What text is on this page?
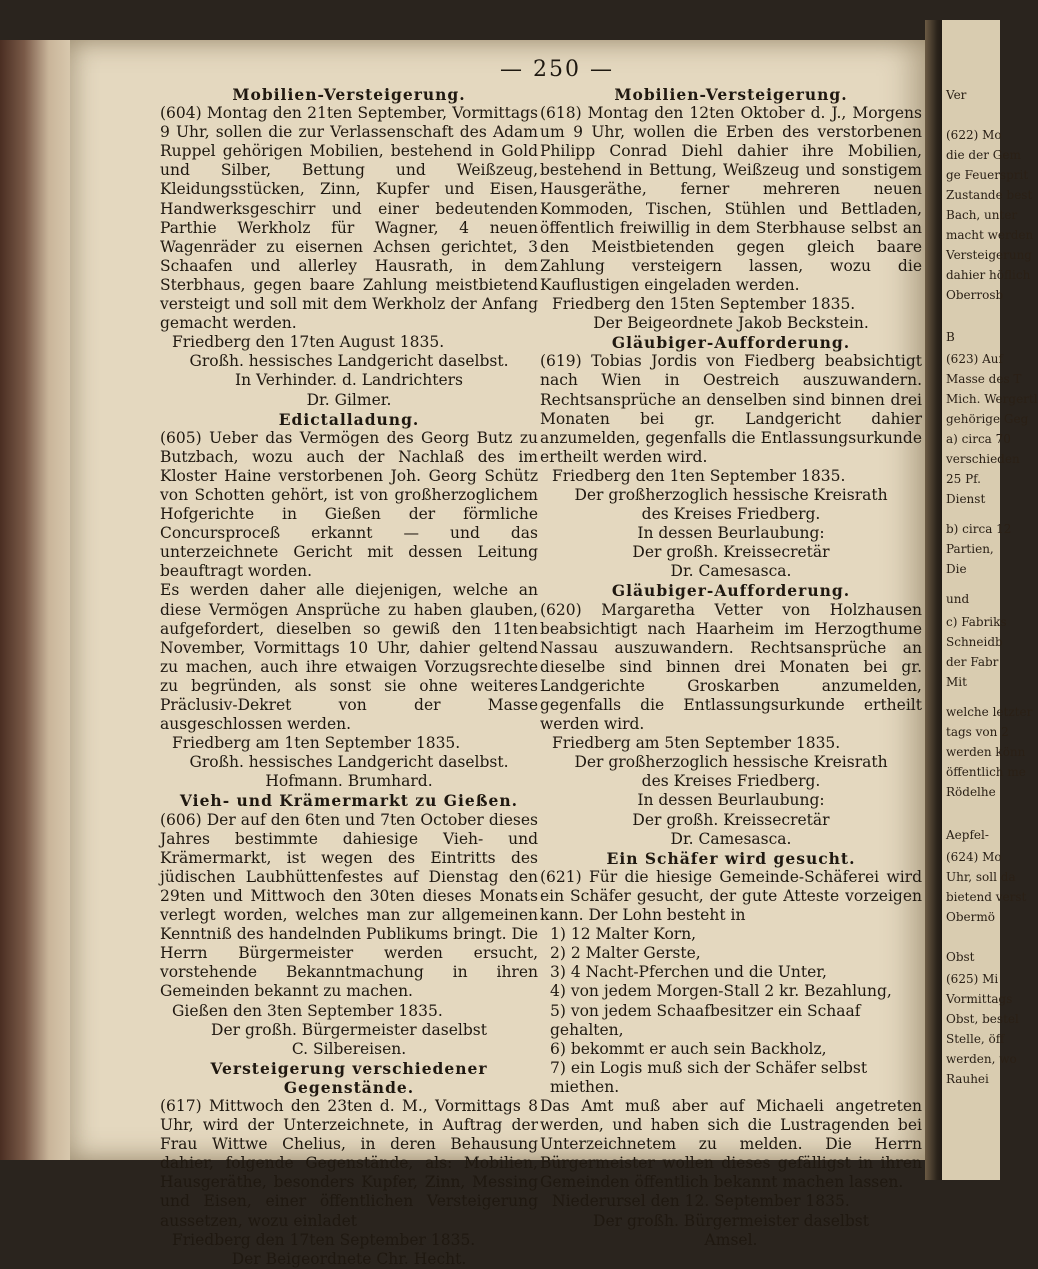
Ver
(622) Mo
die der Gem
ge Feuersprit
Zustande best
Bach, unter
macht werden
Versteigerung
dahier höflich
Oberrosb
B
(623) Auf
Masse des T
Mich. Wergertl
gehörige Geg
a) circa 70
verschieden
25 Pf.
Dienst
b) circa 12
Partien,
Die
und
c) Fabriks
Schneidb
der Fabr
Mit
welche letzter
tags von 2
werden könn
öffentlich me
Rödelhe
Aepfel-
(624) Mo
Uhr, soll da
bietend verst
Obermö
Obst
(625) Mi
Vormittags
Obst, bestel
Stelle, öff
werden, wo
Rauhei
— 250 —

Mobilien-Versteigerung.

(604) Montag den 21ten September, Vormittags 9 Uhr, sollen die zur Verlassenschaft des Adam Ruppel gehörigen Mobilien, bestehend in Gold und Silber, Bettung und Weißzeug, Kleidungsstücken, Zinn, Kupfer und Eisen, Handwerksgeschirr und einer bedeutenden Parthie Werkholz für Wagner, 4 neuen Wagenräder zu eisernen Achsen gerichtet, 3 Schaafen und allerley Hausrath, in dem Sterbhaus, gegen baare Zahlung meistbietend versteigt und soll mit dem Werkholz der Anfang gemacht werden.

Friedberg den 17ten August 1835.

Großh. hessisches Landgericht daselbst.

In Verhinder. d. Landrichters

Dr. Gilmer.

Edictalladung.

(605) Ueber das Vermögen des Georg Butz zu Butzbach, wozu auch der Nachlaß des im Kloster Haine verstorbenen Joh. Georg Schütz von Schotten gehört, ist von großherzoglichem Hofgerichte in Gießen der förmliche Concursproceß erkannt — und das unterzeichnete Gericht mit dessen Leitung beauftragt worden.

Es werden daher alle diejenigen, welche an diese Vermögen Ansprüche zu haben glauben, aufgefordert, dieselben so gewiß den 11ten November, Vormittags 10 Uhr, dahier geltend zu machen, auch ihre etwaigen Vorzugsrechte zu begründen, als sonst sie ohne weiteres Präclusiv-Dekret von der Masse ausgeschlossen werden.

Friedberg am 1ten September 1835.

Großh. hessisches Landgericht daselbst.

Hofmann. Brumhard.

Vieh- und Krämermarkt zu Gießen.

(606) Der auf den 6ten und 7ten October dieses Jahres bestimmte dahiesige Vieh- und Krämermarkt, ist wegen des Eintritts des jüdischen Laubhüttenfestes auf Dienstag den 29ten und Mittwoch den 30ten dieses Monats verlegt worden, welches man zur allgemeinen Kenntniß des handelnden Publikums bringt. Die Herrn Bürgermeister werden ersucht, vorstehende Bekanntmachung in ihren Gemeinden bekannt zu machen.

Gießen den 3ten September 1835.

Der großh. Bürgermeister daselbst

C. Silbereisen.

Versteigerung verschiedener Gegenstände.

(617) Mittwoch den 23ten d. M., Vormittags 8 Uhr, wird der Unterzeichnete, in Auftrag der Frau Wittwe Chelius, in deren Behausung dahier, folgende Gegenstände, als: Mobilien, Hausgeräthe, besonders Kupfer, Zinn, Messing und Eisen, einer öffentlichen Versteigerung aussetzen, wozu einladet

Friedberg den 17ten September 1835.

Der Beigeordnete Chr. Hecht.

Mobilien-Versteigerung.

(618) Montag den 12ten Oktober d. J., Morgens um 9 Uhr, wollen die Erben des verstorbenen Philipp Conrad Diehl dahier ihre Mobilien, bestehend in Bettung, Weißzeug und sonstigem Hausgeräthe, ferner mehreren neuen Kommoden, Tischen, Stühlen und Bettladen, öffentlich freiwillig in dem Sterbhause selbst an den Meistbietenden gegen gleich baare Zahlung versteigern lassen, wozu die Kauflustigen eingeladen werden.

Friedberg den 15ten September 1835.

Der Beigeordnete Jakob Beckstein.

Gläubiger-Aufforderung.

(619) Tobias Jordis von Fiedberg beabsichtigt nach Wien in Oestreich auszuwandern. Rechtsansprüche an denselben sind binnen drei Monaten bei gr. Landgericht dahier anzumelden, gegenfalls die Entlassungsurkunde ertheilt werden wird.

Friedberg den 1ten September 1835.

Der großherzoglich hessische Kreisrath

des Kreises Friedberg.

In dessen Beurlaubung:

Der großh. Kreissecretär

Dr. Camesasca.

Gläubiger-Aufforderung.

(620) Margaretha Vetter von Holzhausen beabsichtigt nach Haarheim im Herzogthume Nassau auszuwandern. Rechtsansprüche an dieselbe sind binnen drei Monaten bei gr. Landgerichte Groskarben anzumelden, gegenfalls die Entlassungsurkunde ertheilt werden wird.

Friedberg am 5ten September 1835.

Der großherzoglich hessische Kreisrath

des Kreises Friedberg.

In dessen Beurlaubung:

Der großh. Kreissecretär

Dr. Camesasca.

Ein Schäfer wird gesucht.

(621) Für die hiesige Gemeinde-Schäferei wird ein Schäfer gesucht, der gute Atteste vorzeigen kann. Der Lohn besteht in

1) 12 Malter Korn,

2) 2 Malter Gerste,

3) 4 Nacht-Pferchen und die Unter,

4) von jedem Morgen-Stall 2 kr. Bezahlung,

5) von jedem Schaafbesitzer ein Schaaf gehalten,

6) bekommt er auch sein Backholz,

7) ein Logis muß sich der Schäfer selbst miethen.

Das Amt muß aber auf Michaeli angetreten werden, und haben sich die Lustragenden bei Unterzeichnetem zu melden. Die Herrn Bürgermeister wollen dieses gefälligst in ihren Gemeinden öffentlich bekannt machen lassen.

Niederursel den 12. September 1835.

Der großh. Bürgermeister daselbst

Amsel.
